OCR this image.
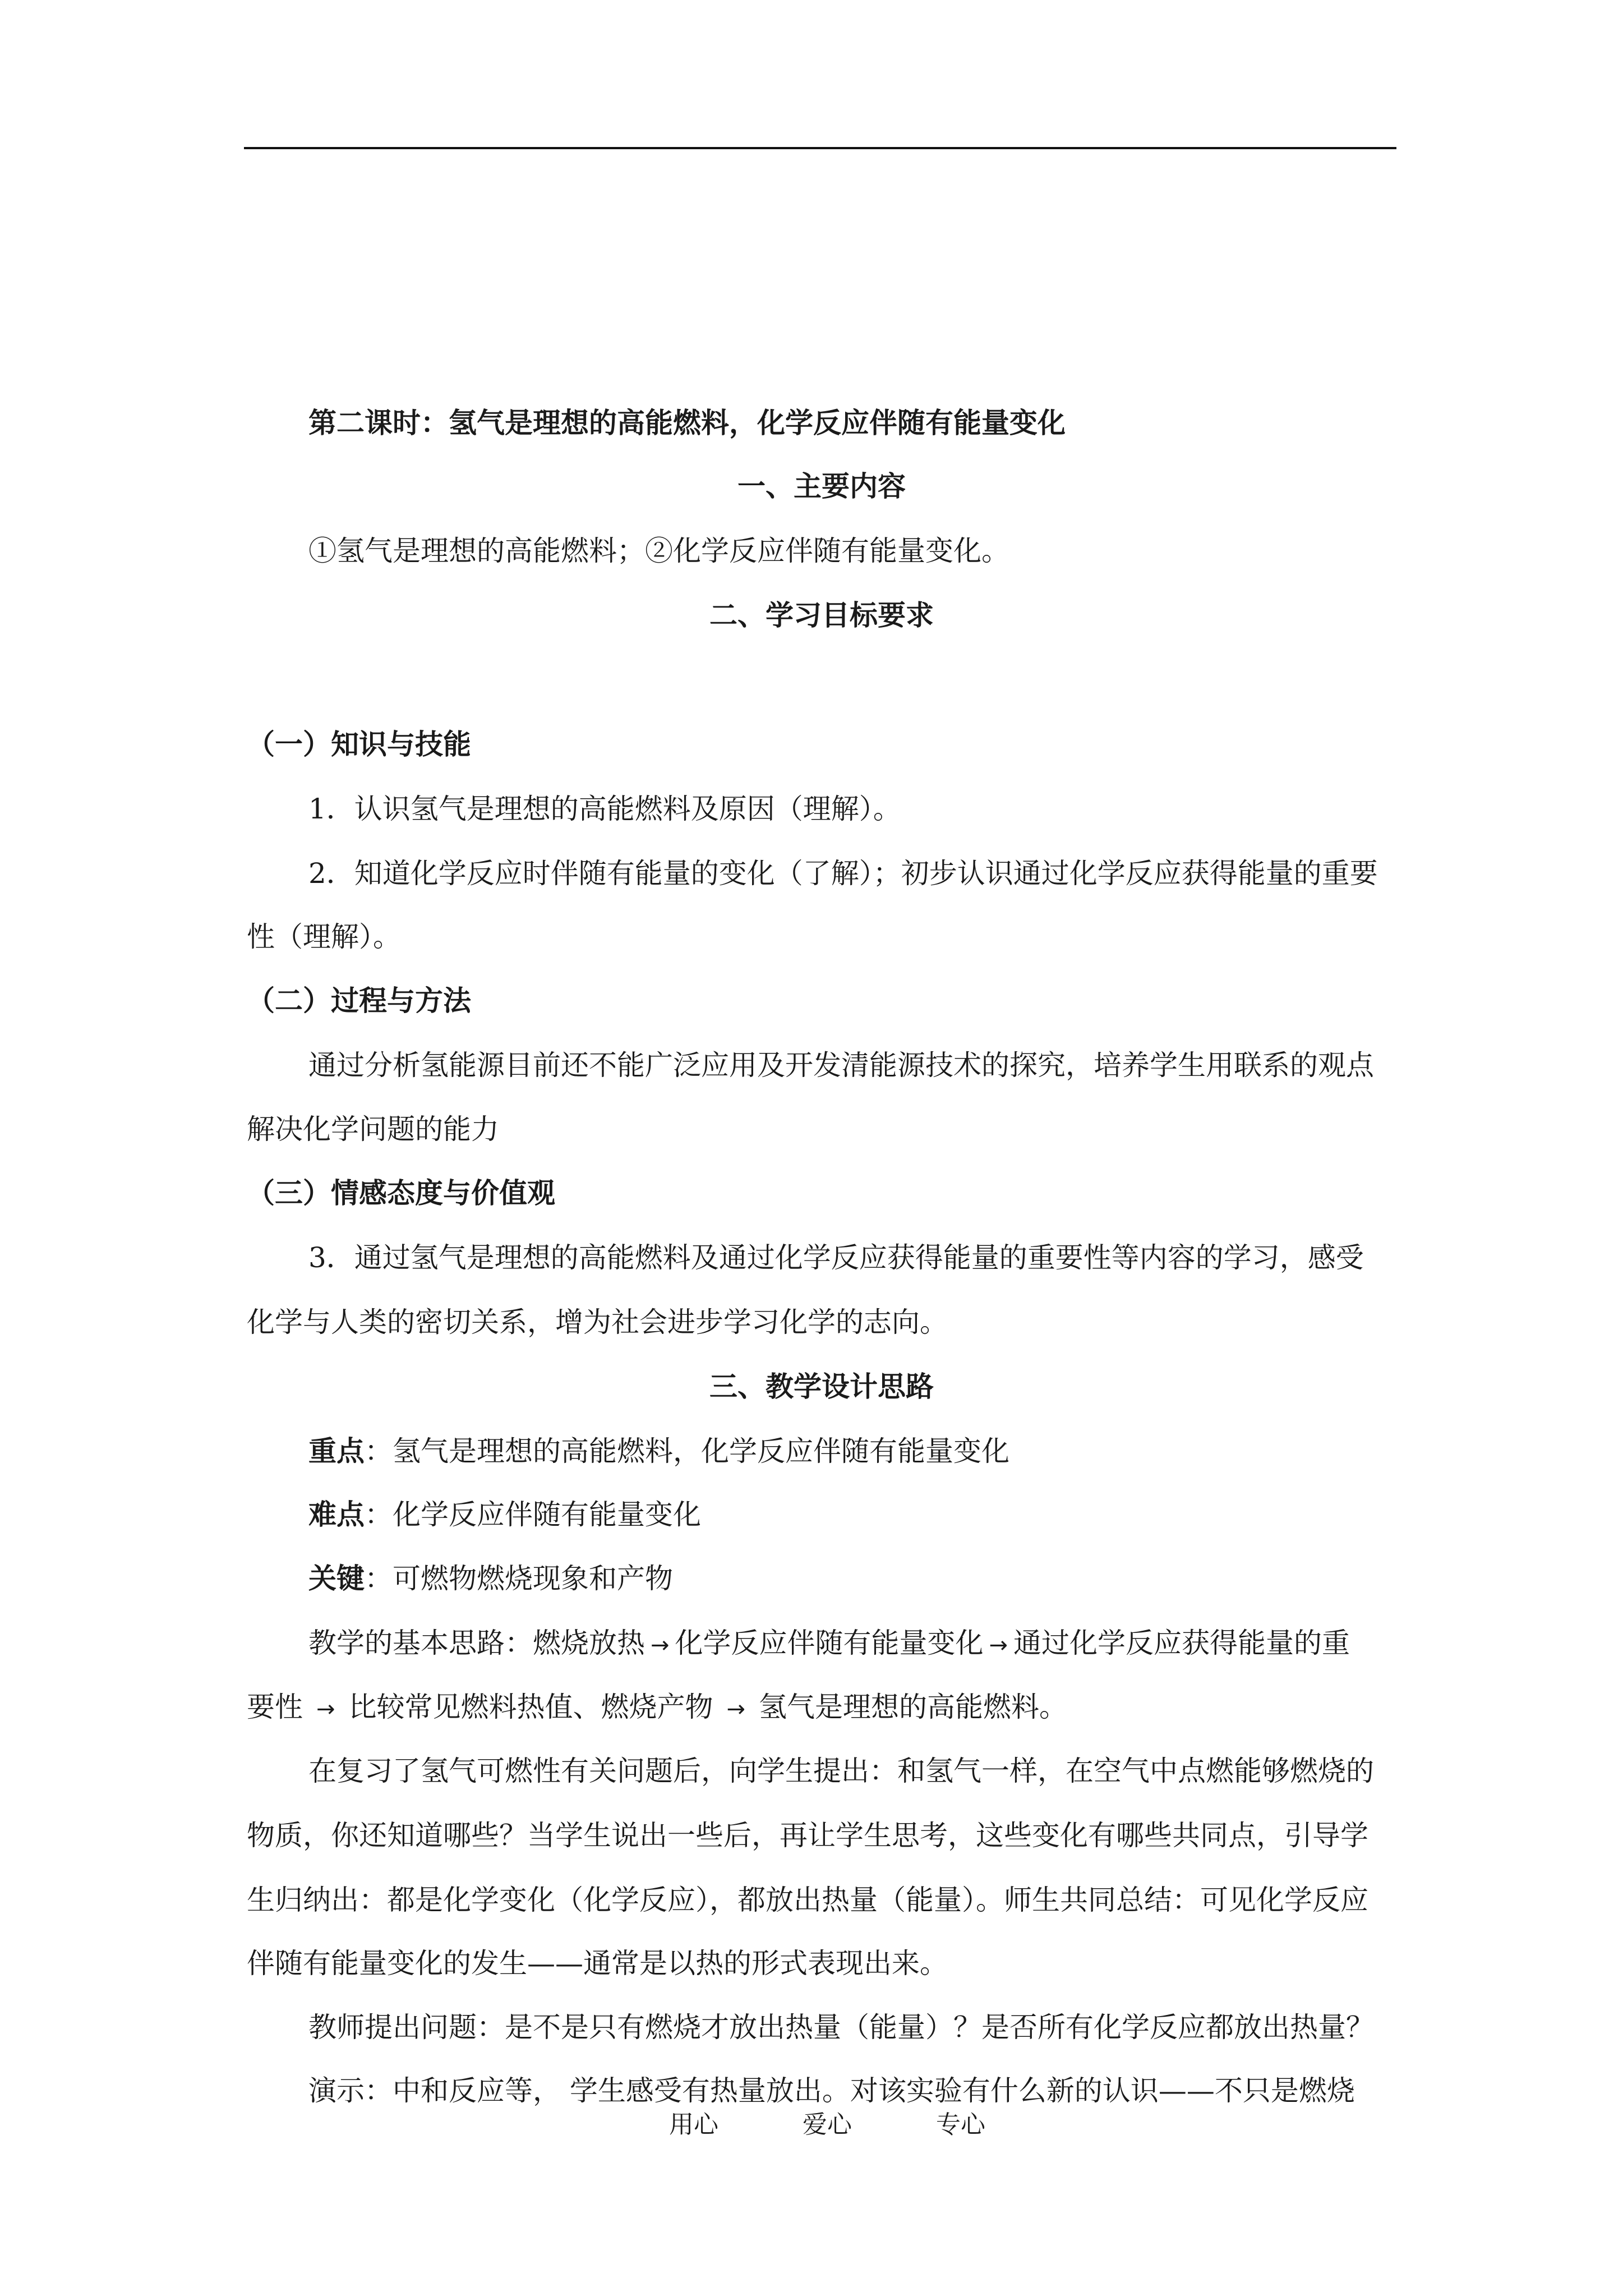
第二课时：氢气是理想的高能燃料，化学反应伴随有能量变化
一、主要内容
①氢气是理想的高能燃料；②化学反应伴随有能量变化。
二、学习目标要求
（一）知识与技能
1．认识氢气是理想的高能燃料及原因（理解）。
2．知道化学反应时伴随有能量的变化（了解）；初步认识通过化学反应获得能量的重要
性（理解）。
（二）过程与方法
通过分析氢能源目前还不能广泛应用及开发清能源技术的探究，培养学生用联系的观点
解决化学问题的能力
（三）情感态度与价值观
3．通过氢气是理想的高能燃料及通过化学反应获得能量的重要性等内容的学习，感受
化学与人类的密切关系，增为社会进步学习化学的志向。
三、教学设计思路
重点：氢气是理想的高能燃料，化学反应伴随有能量变化
难点：化学反应伴随有能量变化
关键：可燃物燃烧现象和产物
教学的基本思路：燃烧放热 → 化学反应伴随有能量变化 → 通过化学反应获得能量的重
要性 → 比较常见燃料热值、燃烧产物 → 氢气是理想的高能燃料。
在复习了氢气可燃性有关问题后，向学生提出：和氢气一样，在空气中点燃能够燃烧的
物质，你还知道哪些？当学生说出一些后，再让学生思考，这些变化有哪些共同点，引导学
生归纳出：都是化学变化（化学反应），都放出热量（能量）。师生共同总结：可见化学反应
伴随有能量变化的发生——通常是以热的形式表现出来。
教师提出问题：是不是只有燃烧才放出热量（能量）？是否所有化学反应都放出热量？
演示：中和反应等， 学生感受有热量放出。对该实验有什么新的认识——不只是燃烧
用心	爱心	专心
